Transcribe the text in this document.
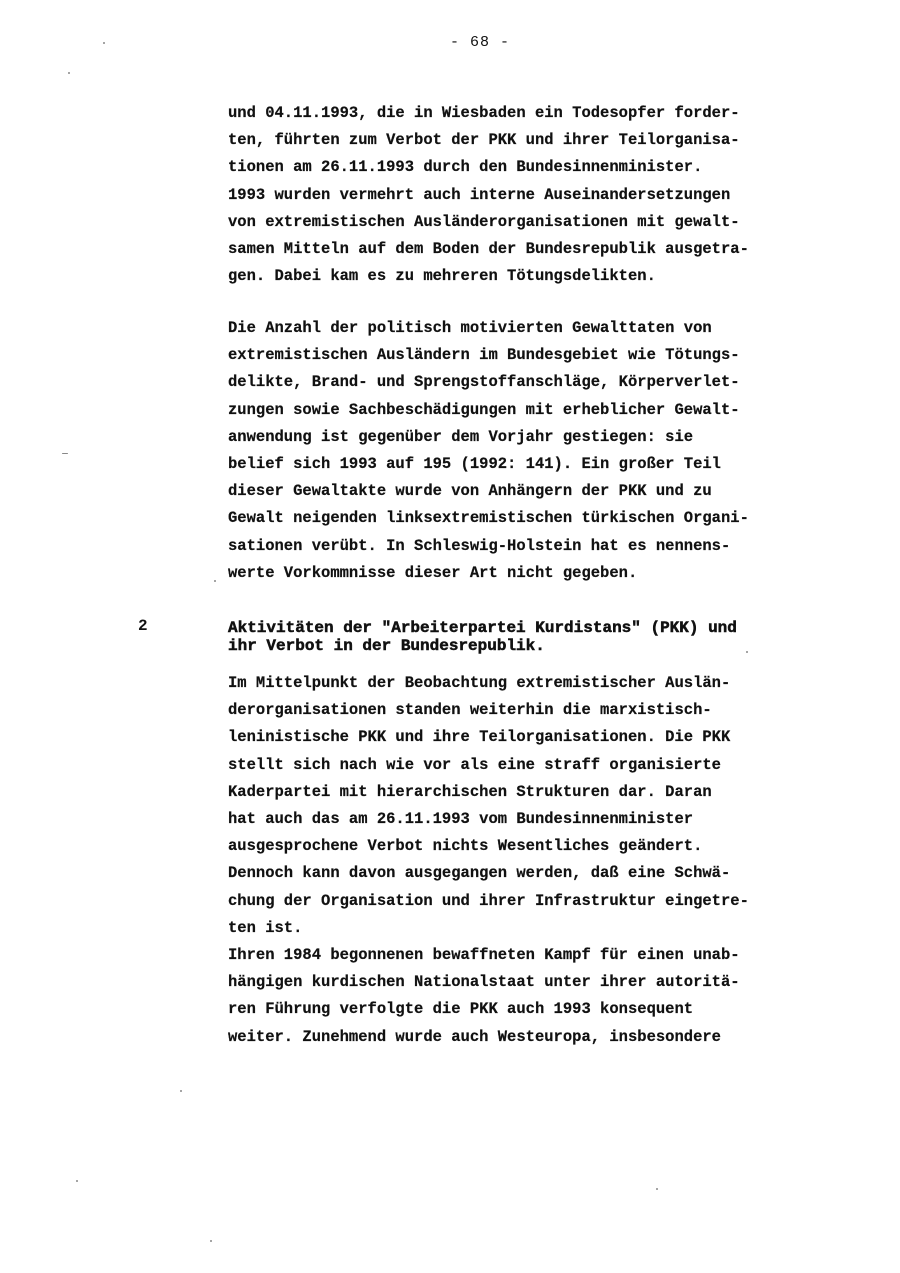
- 68 -
und 04.11.1993, die in Wiesbaden ein Todesopfer forder-
ten, führten zum Verbot der PKK und ihrer Teilorganisa-
tionen am 26.11.1993 durch den Bundesinnenminister.
1993 wurden vermehrt auch interne Auseinandersetzungen
von extremistischen Ausländerorganisationen mit gewalt-
samen Mitteln auf dem Boden der Bundesrepublik ausgetra-
gen. Dabei kam es zu mehreren Tötungsdelikten.
Die Anzahl der politisch motivierten Gewalttaten von
extremistischen Ausländern im Bundesgebiet wie Tötungs-
delikte, Brand- und Sprengstoffanschläge, Körperverlet-
zungen sowie Sachbeschädigungen mit erheblicher Gewalt-
anwendung ist gegenüber dem Vorjahr gestiegen: sie
belief sich 1993 auf 195 (1992: 141). Ein großer Teil
dieser Gewaltakte wurde von Anhängern der PKK und zu
Gewalt neigenden linksextremistischen türkischen Organi-
sationen verübt. In Schleswig-Holstein hat es nennens-
werte Vorkommnisse dieser Art nicht gegeben.
2	Aktivitäten der "Arbeiterpartei Kurdistans" (PKK) und
ihr Verbot in der Bundesrepublik.
Im Mittelpunkt der Beobachtung extremistischer Auslän-
derorganisationen standen weiterhin die marxistisch-
leninistische PKK und ihre Teilorganisationen. Die PKK
stellt sich nach wie vor als eine straff organisierte
Kaderpartei mit hierarchischen Strukturen dar. Daran
hat auch das am 26.11.1993 vom Bundesinnenminister
ausgesprochene Verbot nichts Wesentliches geändert.
Dennoch kann davon ausgegangen werden, daß eine Schwä-
chung der Organisation und ihrer Infrastruktur eingetre-
ten ist.
Ihren 1984 begonnenen bewaffneten Kampf für einen unab-
hängigen kurdischen Nationalstaat unter ihrer autoritä-
ren Führung verfolgte die PKK auch 1993 konsequent
weiter. Zunehmend wurde auch Westeuropa, insbesondere
